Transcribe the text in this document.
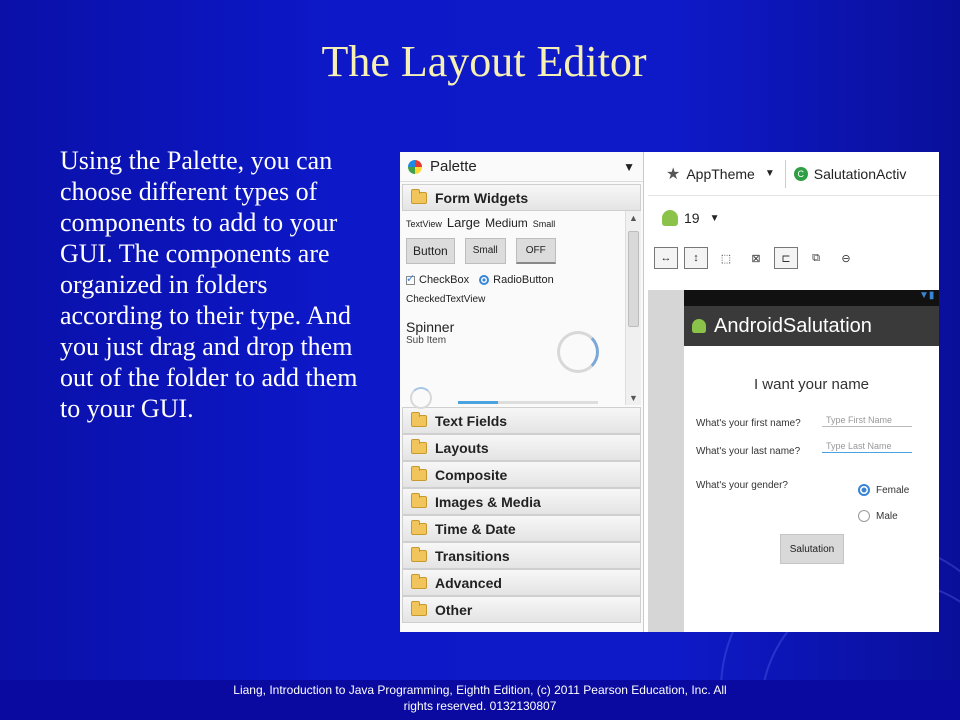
The Layout Editor
Using the Palette, you can choose different types of components to add to your GUI. The components are organized in folders according to their type. And you just drag and drop them out of the folder to add them to your GUI.
Palette	▼
Form Widgets
TextView Large Medium Small
Button	Small	OFF
✓
CheckBox RadioButton
CheckedTextView
Spinner
Sub Item
▲
▼
Text Fields
Layouts
Composite
Images & Media
Time & Date
Transitions
Advanced
Other
★ AppTheme ▼	C SalutationActiv
19 ▼
↔	↕	⬚	⊠	⊏	⧉	⊖
▼▮
AndroidSalutation
I want your name
What's your first name?	Type First Name
What's your last name?	Type Last Name
What's your gender?	Female
Male
Salutation
Liang, Introduction to Java Programming, Eighth Edition, (c) 2011 Pearson Education, Inc. All
rights reserved. 0132130807
